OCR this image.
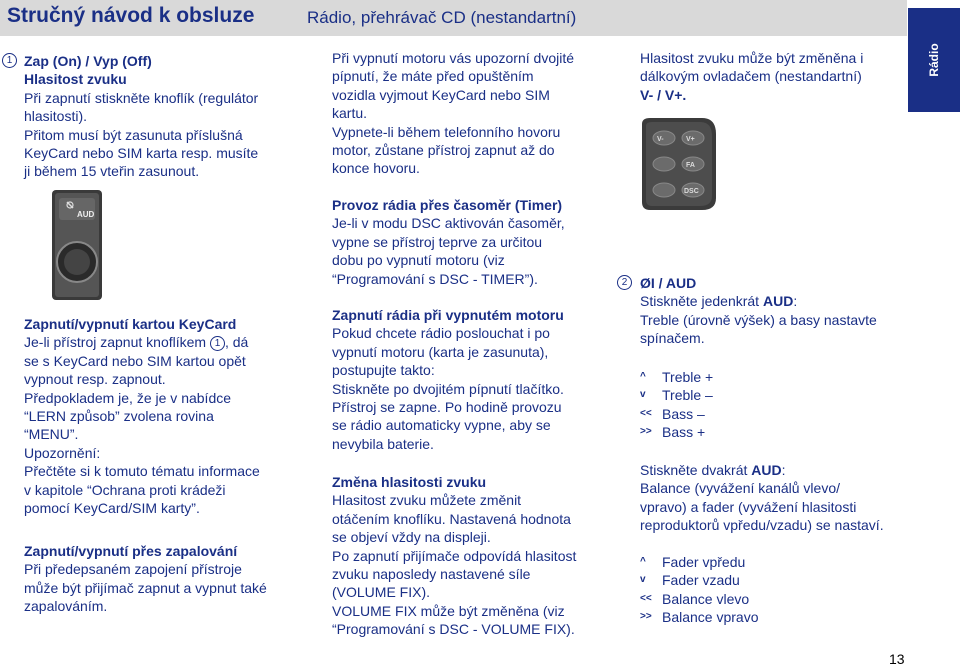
Stručný návod k obsluze	Rádio, přehrávač CD (nestandartní)
Rádio

Zap (On) / Vyp (Off)

Hlasitost zvuku

Při zapnutí stiskněte knoflík (regulátor

hlasitosti).

Přitom musí být zasunuta příslušná

KeyCard nebo SIM karta resp. musíte

ji během 15 vteřin zasunout.

1
AUD

Zapnutí/vypnutí kartou KeyCard

Je-li přístroj zapnut knoflíkem 1 , dá

se s KeyCard nebo SIM kartou opět

vypnout resp. zapnout.

Předpokladem je, že je v nabídce

“LERN způsob” zvolena rovina

“MENU”.

Upozornění:

Přečtěte si k tomuto tématu informace

v kapitole “Ochrana proti krádeži

pomocí KeyCard/SIM karty”.

Zapnutí/vypnutí přes zapalování

Při předepsaném zapojení přístroje

může být přijímač zapnut a vypnut také

zapalováním.

Při vypnutí motoru vás upozorní dvojité

pípnutí, že máte před opuštěním

vozidla vyjmout KeyCard nebo SIM

kartu.

Vypnete-li během telefonního hovoru

motor, zůstane přístroj zapnut až do

konce hovoru.

Provoz rádia přes časoměr (Timer)

Je-li v modu DSC aktivován časoměr,

vypne se přístroj teprve za určitou

dobu po vypnutí motoru (viz

“Programování s DSC - TIMER”).

Zapnutí rádia při vypnutém motoru

Pokud chcete rádio poslouchat i po

vypnutí motoru (karta je zasunuta),

postupujte takto:

Stiskněte po dvojitém pípnutí tlačítko.

Přístroj se zapne. Po hodině provozu

se rádio automaticky vypne, aby se

nevybila baterie.

Změna hlasitosti zvuku

Hlasitost zvuku můžete změnit

otáčením knoflíku. Nastavená hodnota

se objeví vždy na displeji.

Po zapnutí přijímače odpovídá hlasitost

zvuku naposledy nastavené síle

(VOLUME FIX).

VOLUME FIX může být změněna (viz

“Programování s DSC - VOLUME FIX).

Hlasitost zvuku může být změněna i

dálkovým ovladačem (nestandartní)

V- / V+.

V-	V+
FA
DSC
2 ØI / AUD

Stiskněte jedenkrát AUD:

Treble (úrovně výšek) a basy nastavte

spínačem.

^	Treble +
v	Treble –
<< Bass –
>> Bass +

Stiskněte dvakrát AUD:

Balance (vyvážení kanálů vlevo/

vpravo) a fader (vyvážení hlasitosti

reproduktorů vpředu/vzadu) se nastaví.

^	Fader vpředu
v	Fader vzadu
<< Balance vlevo
>> Balance vpravo
13
